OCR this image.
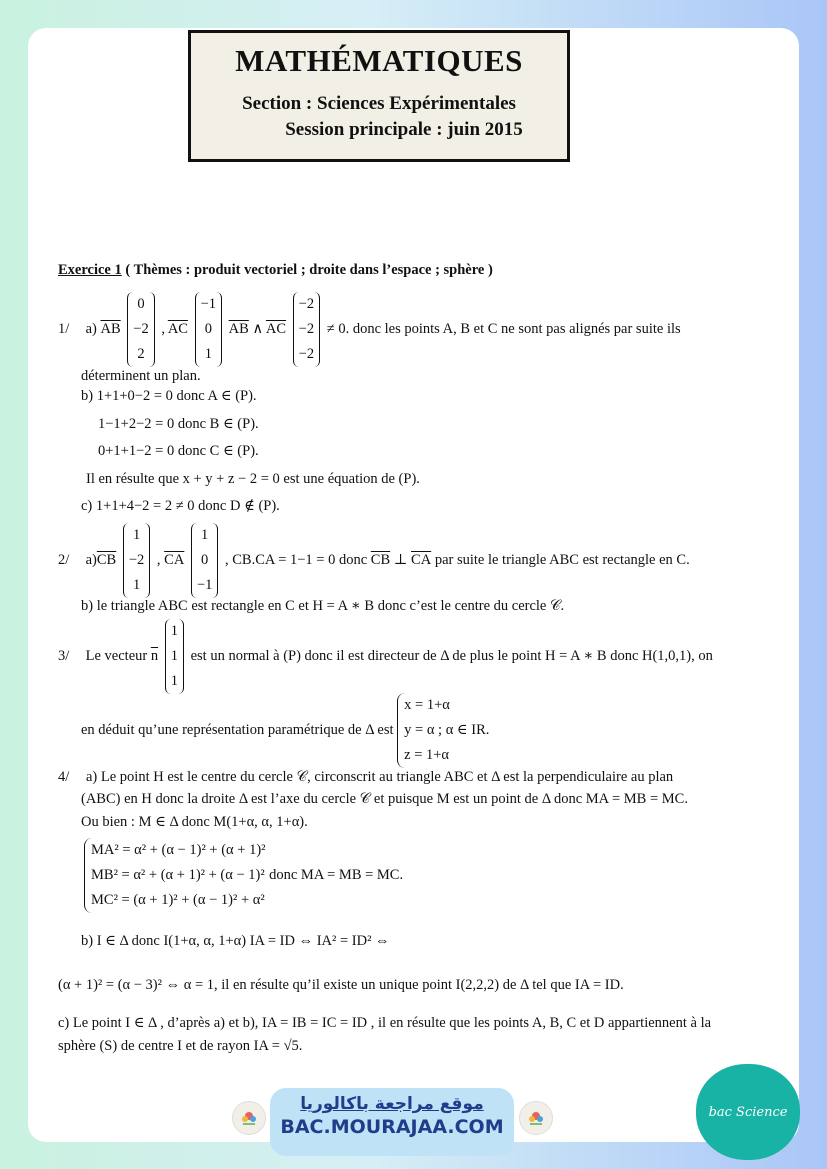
MATHÉMATIQUES
Section : Sciences Expérimentales
Session principale : juin 2015
Exercice 1 ( Thèmes : produit vectoriel ; droite dans l’espace ; sphère )
1/ a) $\overline{AB}$
0
−2
2
, $\overline{AC}$
−1
0
1
$\overline{AB}$ ∧ $\overline{AC}$
−2
−2
−2
≠ 0. donc les points A, B et C ne sont pas alignés par suite ils
déterminent un plan.
b) 1+1+0−2 = 0 donc A ∈ (P).
1−1+2−2 = 0 donc B ∈ (P).
0+1+1−2 = 0 donc C ∈ (P).
Il en résulte que x + y + z − 2 = 0 est une équation de (P).
c) 1+1+4−2 = 2 ≠ 0 donc D ∉ (P).
2/ $a)\overline{CB}$
1
−2
1
, $\overline{CA}$
1
0
−1
, CB.CA = 1−1 = 0 donc $\overline{CB}$ ⊥ $\overline{CA}$ par suite le triangle ABC est rectangle en C.
b) le triangle ABC est rectangle en C et H = A ∗ B donc c’est le centre du cercle 𝒞.
3/ Le vecteur $\overline{n}$
1
1
1
est un normal à (P) donc il est directeur de Δ de plus le point H = A ∗ B donc H(1,0,1), on
en déduit qu’une représentation paramétrique de Δ est
x = 1+α
y = α ; α ∈ IR.
z = 1+α
4/ a) Le point H est le centre du cercle 𝒞, circonscrit au triangle ABC et Δ est la perpendiculaire au plan
(ABC) en H donc la droite Δ est l’axe du cercle 𝒞 et puisque M est un point de Δ donc MA = MB = MC.
Ou bien : M ∈ Δ donc M(1+α, α, 1+α).
MA² = α² + (α − 1)² + (α + 1)²
MB² = α² + (α + 1)² + (α − 1)²
MC² = (α + 1)² + (α − 1)² + α²
donc MA = MB = MC.
b) I ∈ Δ donc I(1+α, α, 1+α) IA = ID ⇔ IA² = ID² ⇔
(α + 1)² = (α − 3)² ⇔ α = 1, il en résulte qu’il existe un unique point I(2,2,2) de Δ tel que IA = ID.
c) Le point I ∈ Δ , d’après a) et b), IA = IB = IC = ID , il en résulte que les points A, B, C et D appartiennent à la
sphère (S) de centre I et de rayon IA = √5.
موقع مراجعة باكالوريا
BAC.MOURAJAA.COM
bac Science
